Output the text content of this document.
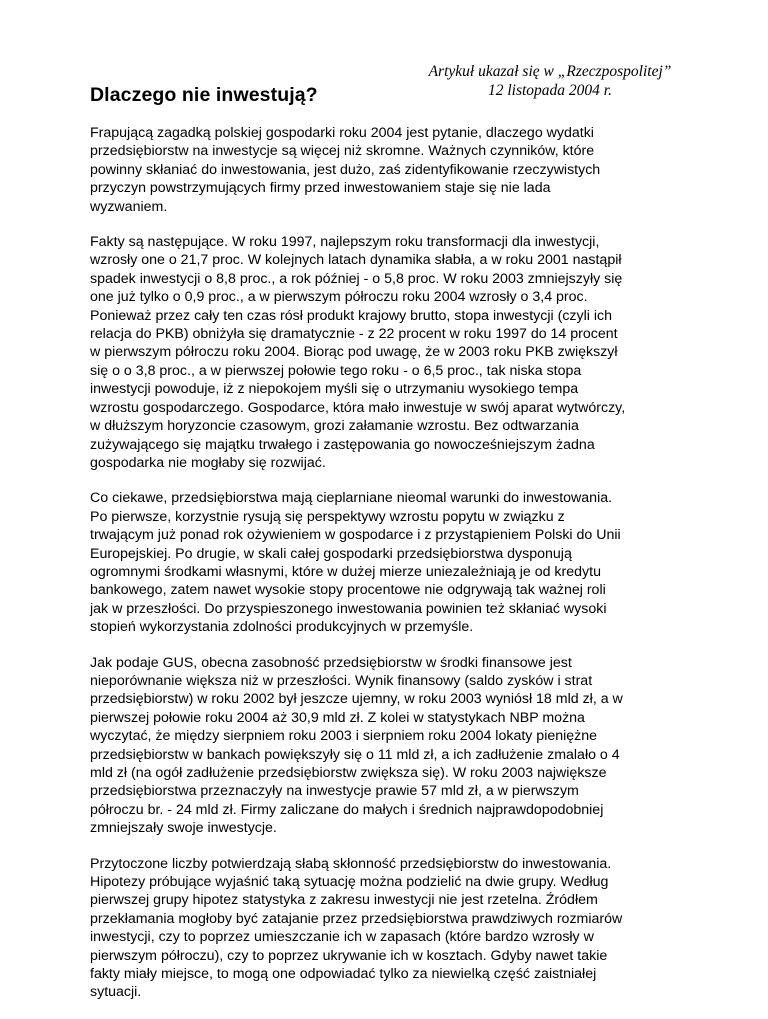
Dlaczego nie inwestują?
Artykuł ukazał się w „Rzeczpospolitej”
12 listopada 2004 r.

Frapującą zagadką polskiej gospodarki roku 2004 jest pytanie, dlaczego wydatki
przedsiębiorstw na inwestycje są więcej niż skromne. Ważnych czynników, które
powinny skłaniać do inwestowania, jest dużo, zaś zidentyfikowanie rzeczywistych
przyczyn powstrzymujących firmy przed inwestowaniem staje się nie lada
wyzwaniem.

Fakty są następujące. W roku 1997, najlepszym roku transformacji dla inwestycji,
wzrosły one o 21,7 proc. W kolejnych latach dynamika słabła, a w roku 2001 nastąpił
spadek inwestycji o 8,8 proc., a rok później - o 5,8 proc. W roku 2003 zmniejszyły się
one już tylko o 0,9 proc., a w pierwszym półroczu roku 2004 wzrosły o 3,4 proc.
Ponieważ przez cały ten czas rósł produkt krajowy brutto, stopa inwestycji (czyli ich
relacja do PKB) obniżyła się dramatycznie - z 22 procent w roku 1997 do 14 procent
w pierwszym półroczu roku 2004. Biorąc pod uwagę, że w 2003 roku PKB zwiększył
się o o 3,8 proc., a w pierwszej połowie tego roku - o 6,5 proc., tak niska stopa
inwestycji powoduje, iż z niepokojem myśli się o utrzymaniu wysokiego tempa
wzrostu gospodarczego. Gospodarce, która mało inwestuje w swój aparat wytwórczy,
w dłuższym horyzoncie czasowym, grozi załamanie wzrostu. Bez odtwarzania
zużywającego się majątku trwałego i zastępowania go nowocześniejszym żadna
gospodarka nie mogłaby się rozwijać.

Co ciekawe, przedsiębiorstwa mają cieplarniane nieomal warunki do inwestowania.
Po pierwsze, korzystnie rysują się perspektywy wzrostu popytu w związku z
trwającym już ponad rok ożywieniem w gospodarce i z przystąpieniem Polski do Unii
Europejskiej. Po drugie, w skali całej gospodarki przedsiębiorstwa dysponują
ogromnymi środkami własnymi, które w dużej mierze uniezależniają je od kredytu
bankowego, zatem nawet wysokie stopy procentowe nie odgrywają tak ważnej roli
jak w przeszłości. Do przyspieszonego inwestowania powinien też skłaniać wysoki
stopień wykorzystania zdolności produkcyjnych w przemyśle.

Jak podaje GUS, obecna zasobność przedsiębiorstw w środki finansowe jest
nieporównanie większa niż w przeszłości. Wynik finansowy (saldo zysków i strat
przedsiębiorstw) w roku 2002 był jeszcze ujemny, w roku 2003 wyniósł 18 mld zł, a w
pierwszej połowie roku 2004 aż 30,9 mld zł. Z kolei w statystykach NBP można
wyczytać, że między sierpniem roku 2003 i sierpniem roku 2004 lokaty pieniężne
przedsiębiorstw w bankach powiększyły się o 11 mld zł, a ich zadłużenie zmalało o 4
mld zł (na ogół zadłużenie przedsiębiorstw zwiększa się). W roku 2003 największe
przedsiębiorstwa przeznaczyły na inwestycje prawie 57 mld zł, a w pierwszym
półroczu br. - 24 mld zł. Firmy zaliczane do małych i średnich najprawdopodobniej
zmniejszały swoje inwestycje.

Przytoczone liczby potwierdzają słabą skłonność przedsiębiorstw do inwestowania.
Hipotezy próbujące wyjaśnić taką sytuację można podzielić na dwie grupy. Według
pierwszej grupy hipotez statystyka z zakresu inwestycji nie jest rzetelna. Źródłem
przekłamania mogłoby być zatajanie przez przedsiębiorstwa prawdziwych rozmiarów
inwestycji, czy to poprzez umieszczanie ich w zapasach (które bardzo wzrosły w
pierwszym półroczu), czy to poprzez ukrywanie ich w kosztach. Gdyby nawet takie
fakty miały miejsce, to mogą one odpowiadać tylko za niewielką część zaistniałej
sytuacji.
